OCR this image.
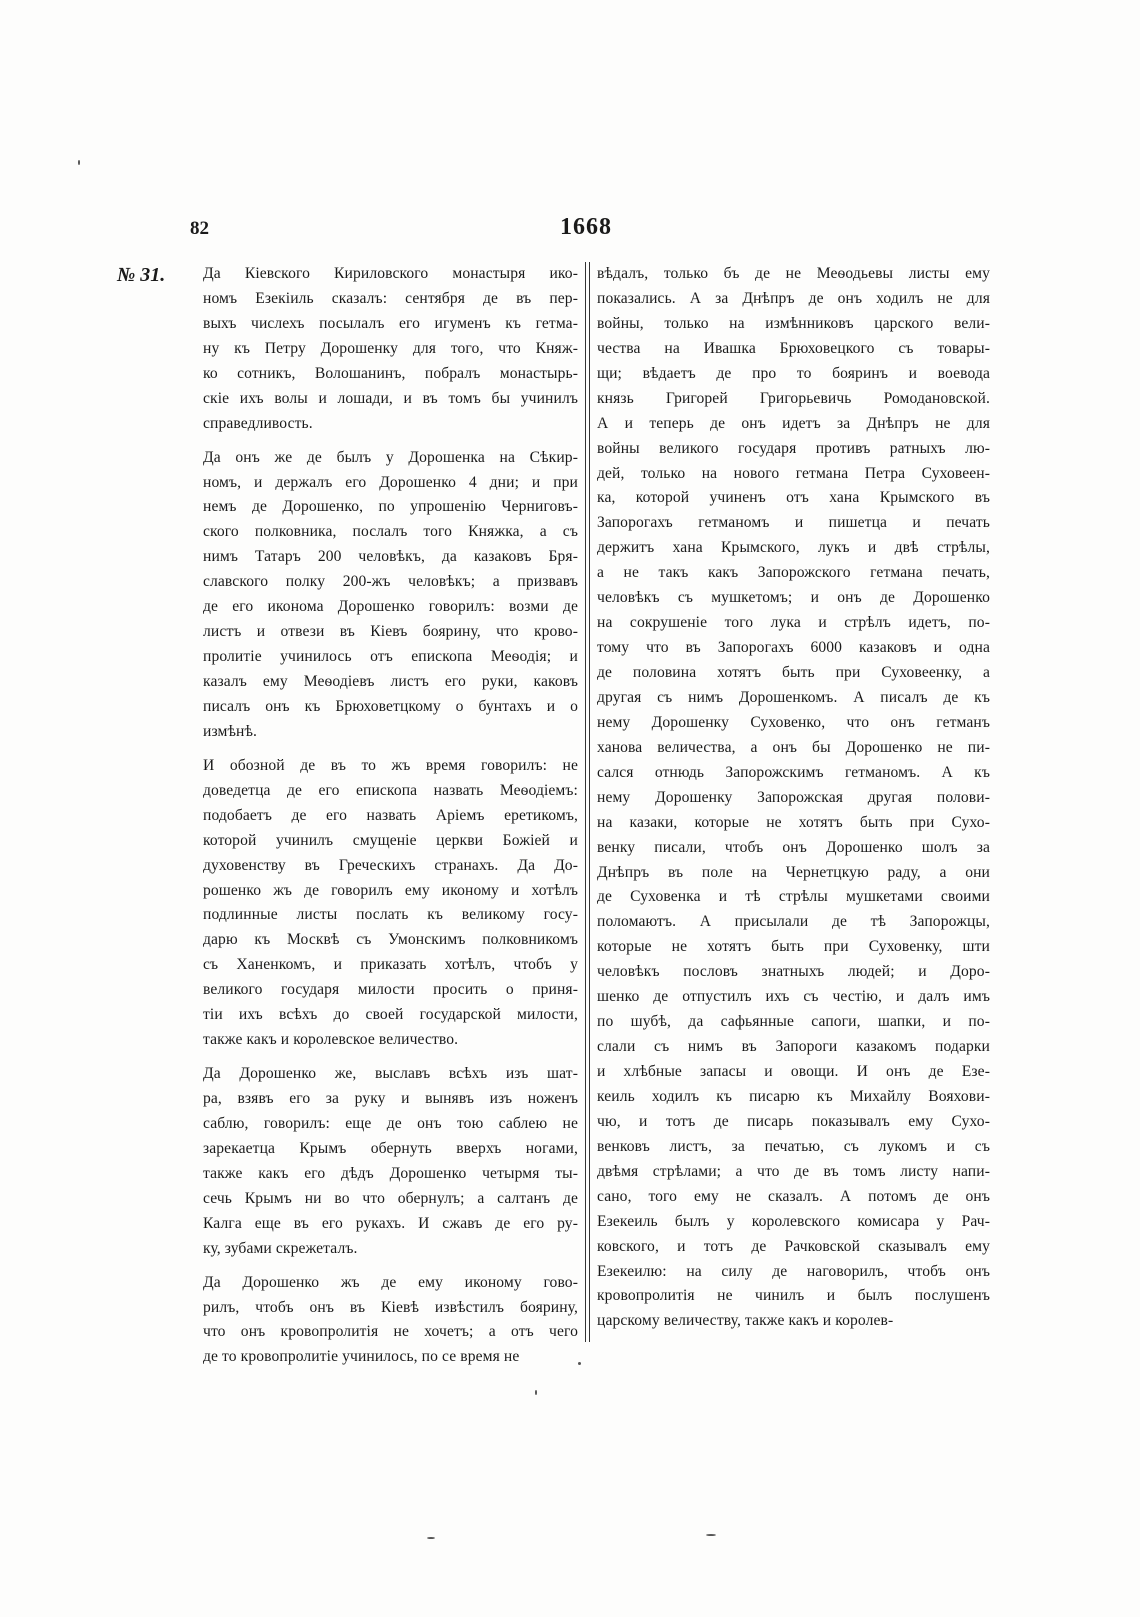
82	1668
№ 31. Да Кіевского Кириловского монастыря ико-
номъ Езекіиль сказалъ: сентября де въ пер-
выхъ числехъ посылалъ его игуменъ къ гетма-
ну къ Петру Дорошенку для того, что Княж-
ко сотникъ, Волошанинъ, побралъ монастырь-
скіе ихъ волы и лошади, и въ томъ бы учинилъ
справедливость.
Да онъ же де былъ у Дорошенка на Сѣкир-
номъ, и держалъ его Дорошенко 4 дни; и при
немъ де Дорошенко, по упрошенію Черниговъ-
ского полковника, послалъ того Княжка, а съ
нимъ Татаръ 200 человѣкъ, да казаковъ Бря-
славского полку 200-жъ человѣкъ; а призвавъ
де его иконома Дорошенко говорилъ: возми де
листъ и отвези въ Кіевъ боярину, что крово-
пролитіе учинилось отъ епископа Меѳодія; и
казалъ ему Меѳодіевъ листъ его руки, каковъ
писалъ онъ къ Брюховетцкому о бунтахъ и о
измѣнѣ.
И обозной де въ то жъ время говорилъ: не
доведетца де его епископа назвать Меѳодіемъ:
подобаетъ де его назвать Аріемъ еретикомъ,
которой учинилъ смущеніе церкви Божіей и
духовенству въ Греческихъ странахъ. Да До-
рошенко жъ де говорилъ ему иконому и хотѣлъ
подлинные листы послать къ великому госу-
дарю къ Москвѣ съ Умонскимъ полковникомъ
съ Ханенкомъ, и приказать хотѣлъ, чтобъ у
великого государя милости просить о приня-
тіи ихъ всѣхъ до своей государской милости,
также какъ и королевское величество.
Да Дорошенко же, выславъ всѣхъ изъ шат-
ра, взявъ его за руку и вынявъ изъ ноженъ
саблю, говорилъ: еще де онъ тою саблею не
зарекаетца Крымъ обернуть вверхъ ногами,
также какъ его дѣдъ Дорошенко четырмя ты-
сечь Крымъ ни во что обернулъ; а салтанъ де
Калга еще въ его рукахъ. И сжавъ де его ру-
ку, зубами скрежеталъ.
Да Дорошенко жъ де ему иконому гово-
рилъ, чтобъ онъ въ Кіевѣ извѣстилъ боярину,
что онъ кровопролитія не хочетъ; а отъ чего
де то кровопролитіе учинилось, по се время не
вѣдалъ, только бъ де не Меѳодьевы листы ему
показались. А за Днѣпръ де онъ ходилъ не для
войны, только на измѣнниковъ царского вели-
чества на Ивашка Брюховецкого съ товары-
щи; вѣдаетъ де про то бояринъ и воевода
князь Григорей Григорьевичь Ромодановской.
А и теперь де онъ идетъ за Днѣпръ не для
войны великого государя противъ ратныхъ лю-
дей, только на нового гетмана Петра Суховеен-
ка, которой учиненъ отъ хана Крымского въ
Запорогахъ гетманомъ и пишетца и печать
держитъ хана Крымского, лукъ и двѣ стрѣлы,
а не такъ какъ Запорожского гетмана печать,
человѣкъ съ мушкетомъ; и онъ де Дорошенко
на сокрушеніе того лука и стрѣлъ идетъ, по-
тому что въ Запорогахъ 6000 казаковъ и одна
де половина хотятъ быть при Суховеенку, а
другая съ нимъ Дорошенкомъ. А писалъ де къ
нему Дорошенку Суховенко, что онъ гетманъ
ханова величества, а онъ бы Дорошенко не пи-
сался отнюдь Запорожскимъ гетманомъ. А къ
нему Дорошенку Запорожская другая полови-
на казаки, которые не хотятъ быть при Сухо-
венку писали, чтобъ онъ Дорошенко шолъ за
Днѣпръ въ поле на Чернетцкую раду, а они
де Суховенка и тѣ стрѣлы мушкетами своими
поломаютъ. А присылали де тѣ Запорожцы,
которые не хотятъ быть при Суховенку, шти
человѣкъ пословъ знатныхъ людей; и Доро-
шенко де отпустилъ ихъ съ честію, и далъ имъ
по шубѣ, да сафьянные сапоги, шапки, и по-
слали съ нимъ въ Запороги казакомъ подарки
и хлѣбные запасы и овощи. И онъ де Езе-
кеиль ходилъ къ писарю къ Михайлу Вояхови-
чю, и тотъ де писарь показывалъ ему Сухо-
венковъ листъ, за печатью, съ лукомъ и съ
двѣмя стрѣлами; а что де въ томъ листу напи-
сано, того ему не сказалъ. А потомъ де онъ
Езекеиль былъ у королевского комисара у Рач-
ковского, и тотъ де Рачковской сказывалъ ему
Езекеилю: на силу де наговорилъ, чтобъ онъ
кровопролитія не чинилъ и былъ послушенъ
царскому величеству, также какъ и королев-
